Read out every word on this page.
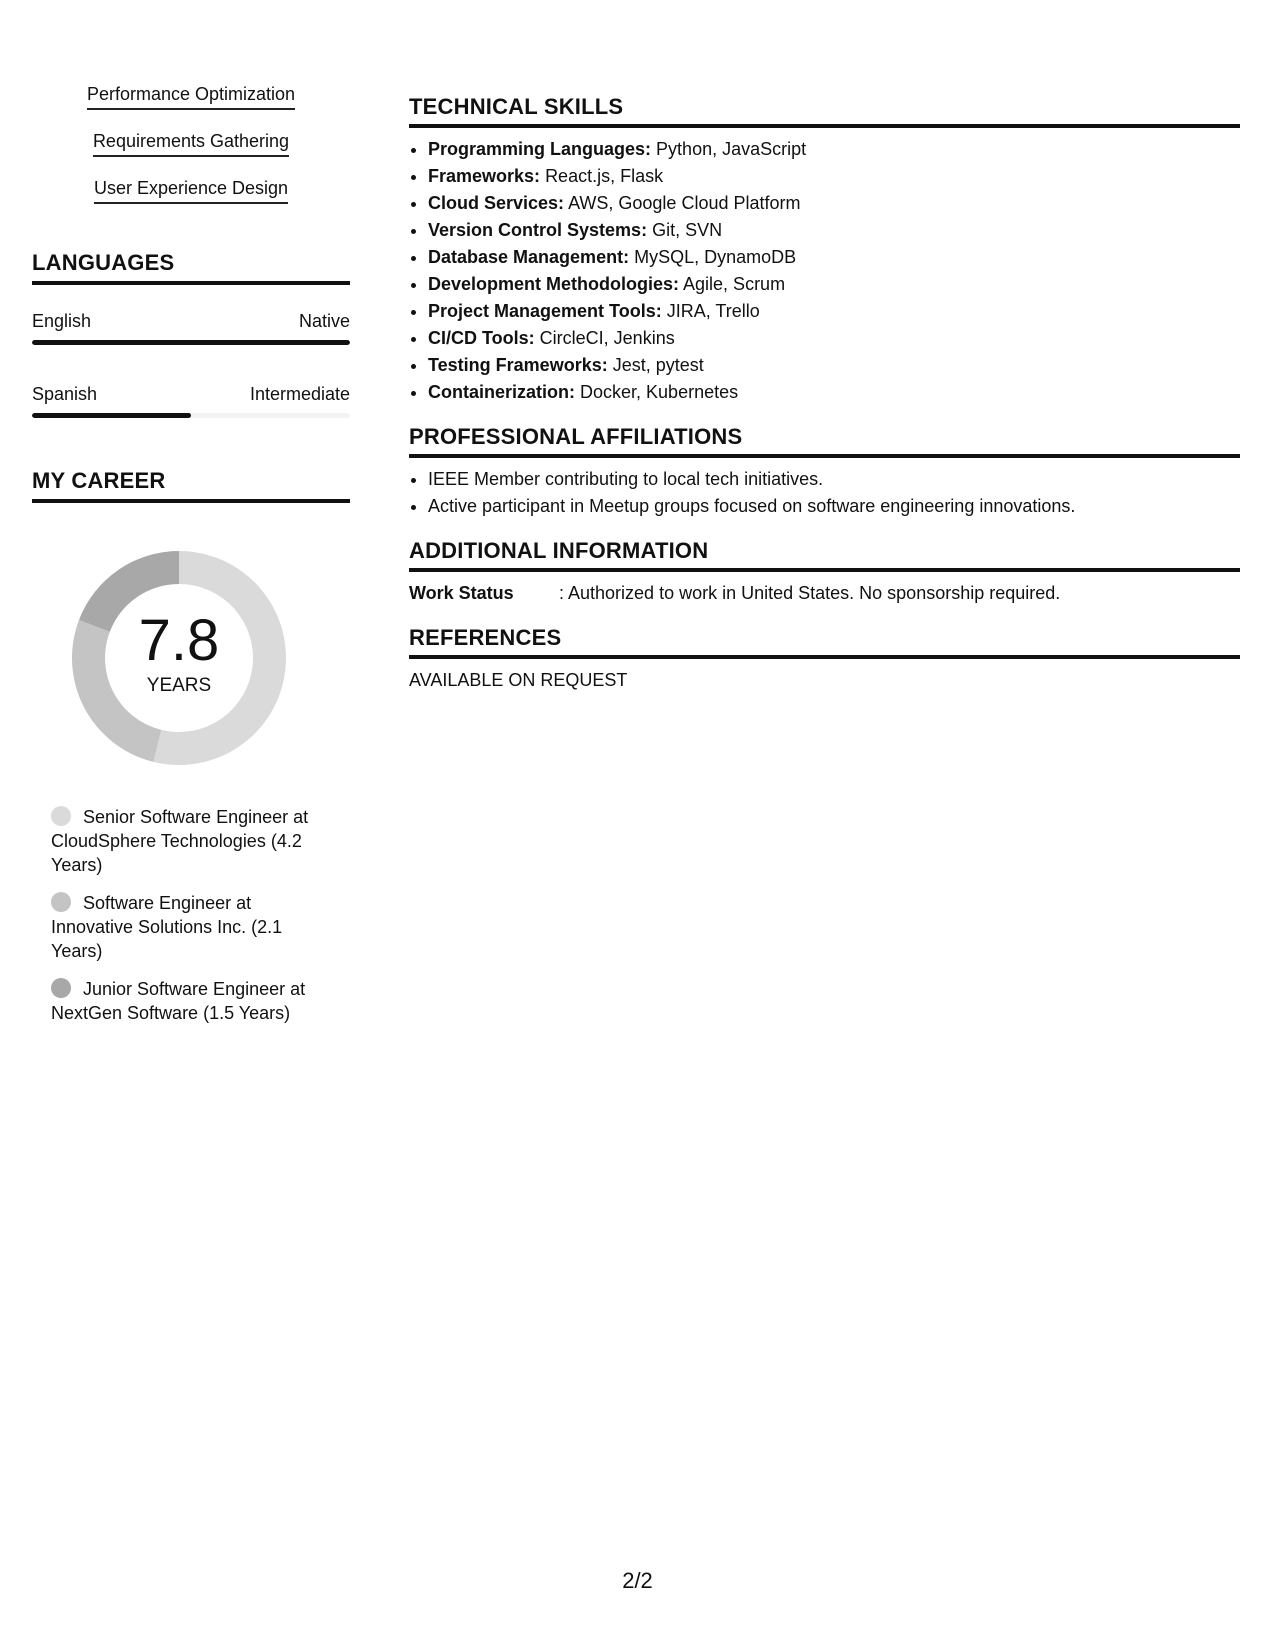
Performance Optimization
Requirements Gathering
User Experience Design
LANGUAGES
English	Native
Spanish	Intermediate
MY CAREER
7.8
YEARS
Senior Software Engineer at CloudSphere Technologies (4.2 Years)
Software Engineer at Innovative Solutions Inc. (2.1 Years)
Junior Software Engineer at NextGen Software (1.5 Years)
TECHNICAL SKILLS
• Programming Languages: Python, JavaScript
• Frameworks: React.js, Flask
• Cloud Services: AWS, Google Cloud Platform
• Version Control Systems: Git, SVN
• Database Management: MySQL, DynamoDB
• Development Methodologies: Agile, Scrum
• Project Management Tools: JIRA, Trello
• CI/CD Tools: CircleCI, Jenkins
• Testing Frameworks: Jest, pytest
• Containerization: Docker, Kubernetes
PROFESSIONAL AFFILIATIONS
• IEEE Member contributing to local tech initiatives.
• Active participant in Meetup groups focused on software engineering innovations.
ADDITIONAL INFORMATION
Work Status	: Authorized to work in United States. No sponsorship required.
REFERENCES
AVAILABLE ON REQUEST
2/2
